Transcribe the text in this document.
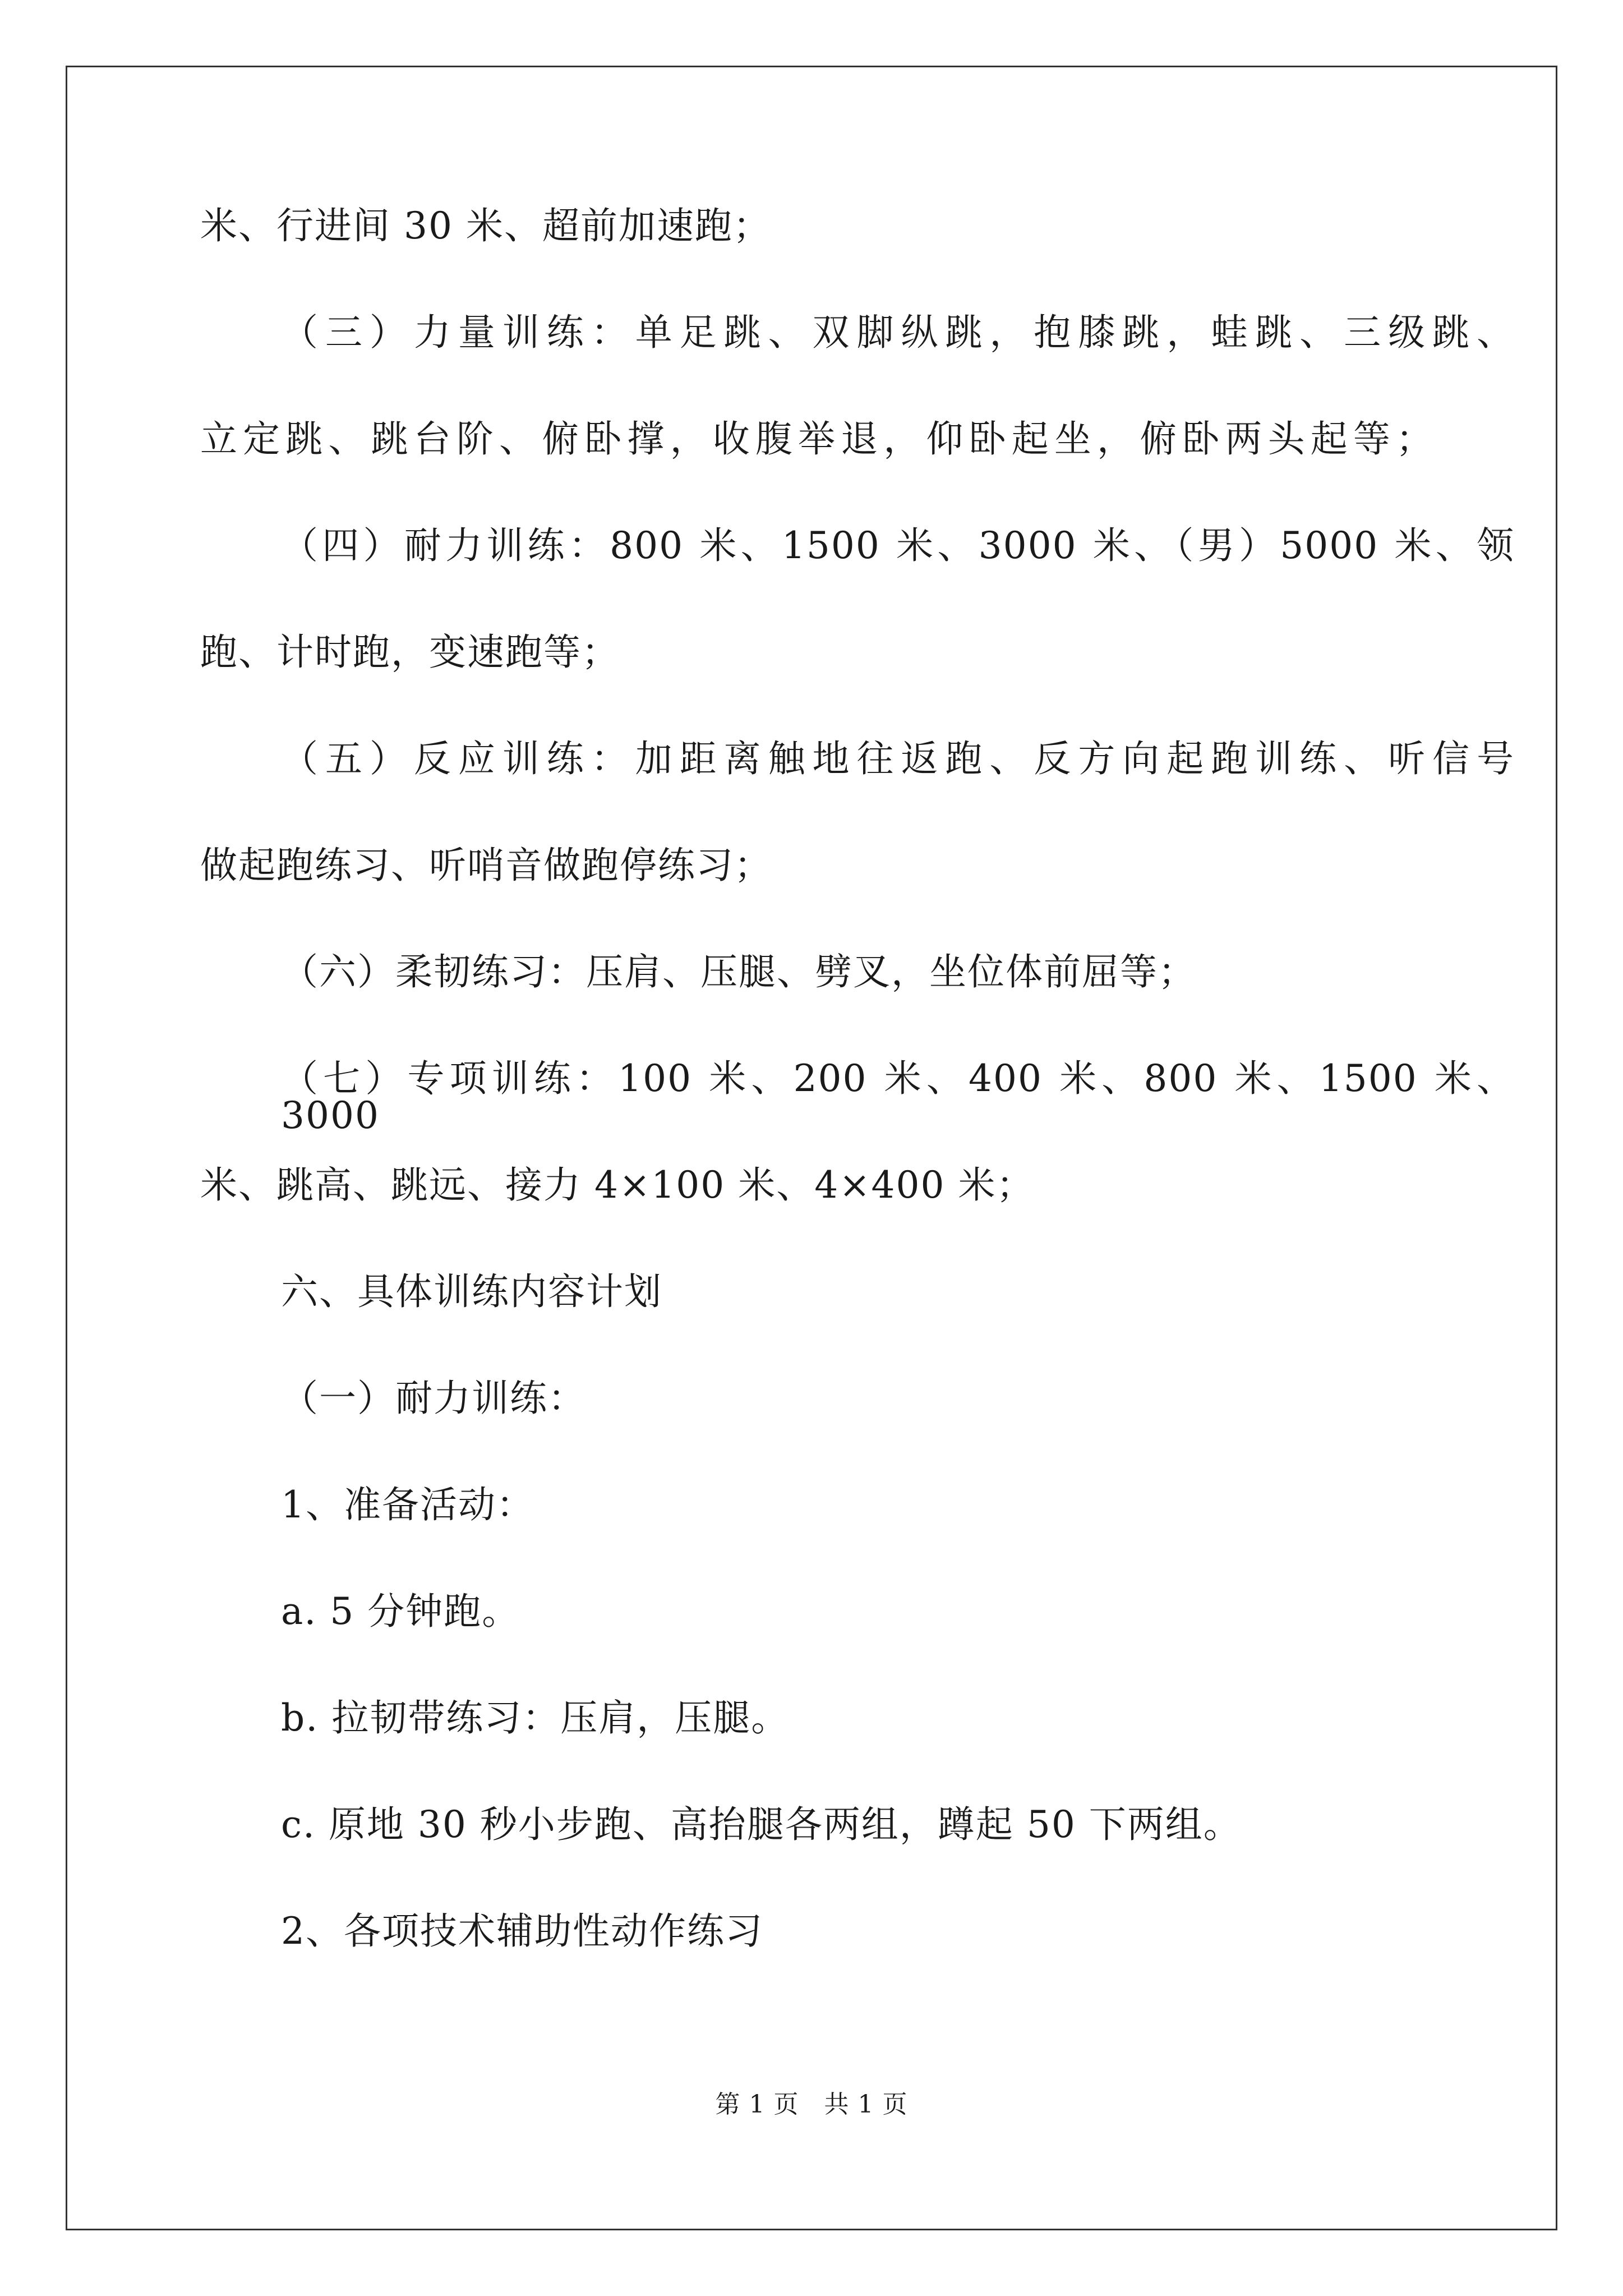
米、行进间 30 米、超前加速跑；

（三）力量训练：单足跳、双脚纵跳，抱膝跳，蛙跳、三级跳、

立定跳、跳台阶、俯卧撑，收腹举退，仰卧起坐，俯卧两头起等；

（四）耐力训练：800 米、1500 米、3000 米、（男）5000 米、领

跑、计时跑，变速跑等；

（五）反应训练：加距离触地往返跑、反方向起跑训练、听信号

做起跑练习、听哨音做跑停练习；

（六）柔韧练习：压肩、压腿、劈叉，坐位体前屈等；

（七）专项训练：100 米、200 米、400 米、800 米、1500 米、3000

米、跳高、跳远、接力 4×100 米、4×400 米；

六、具体训练内容计划

（一）耐力训练：

1、准备活动：

a. 5 分钟跑。

b. 拉韧带练习：压肩，压腿。

c. 原地 30 秒小步跑、高抬腿各两组，蹲起 50 下两组。

2、各项技术辅助性动作练习

第 1 页　共 1 页
